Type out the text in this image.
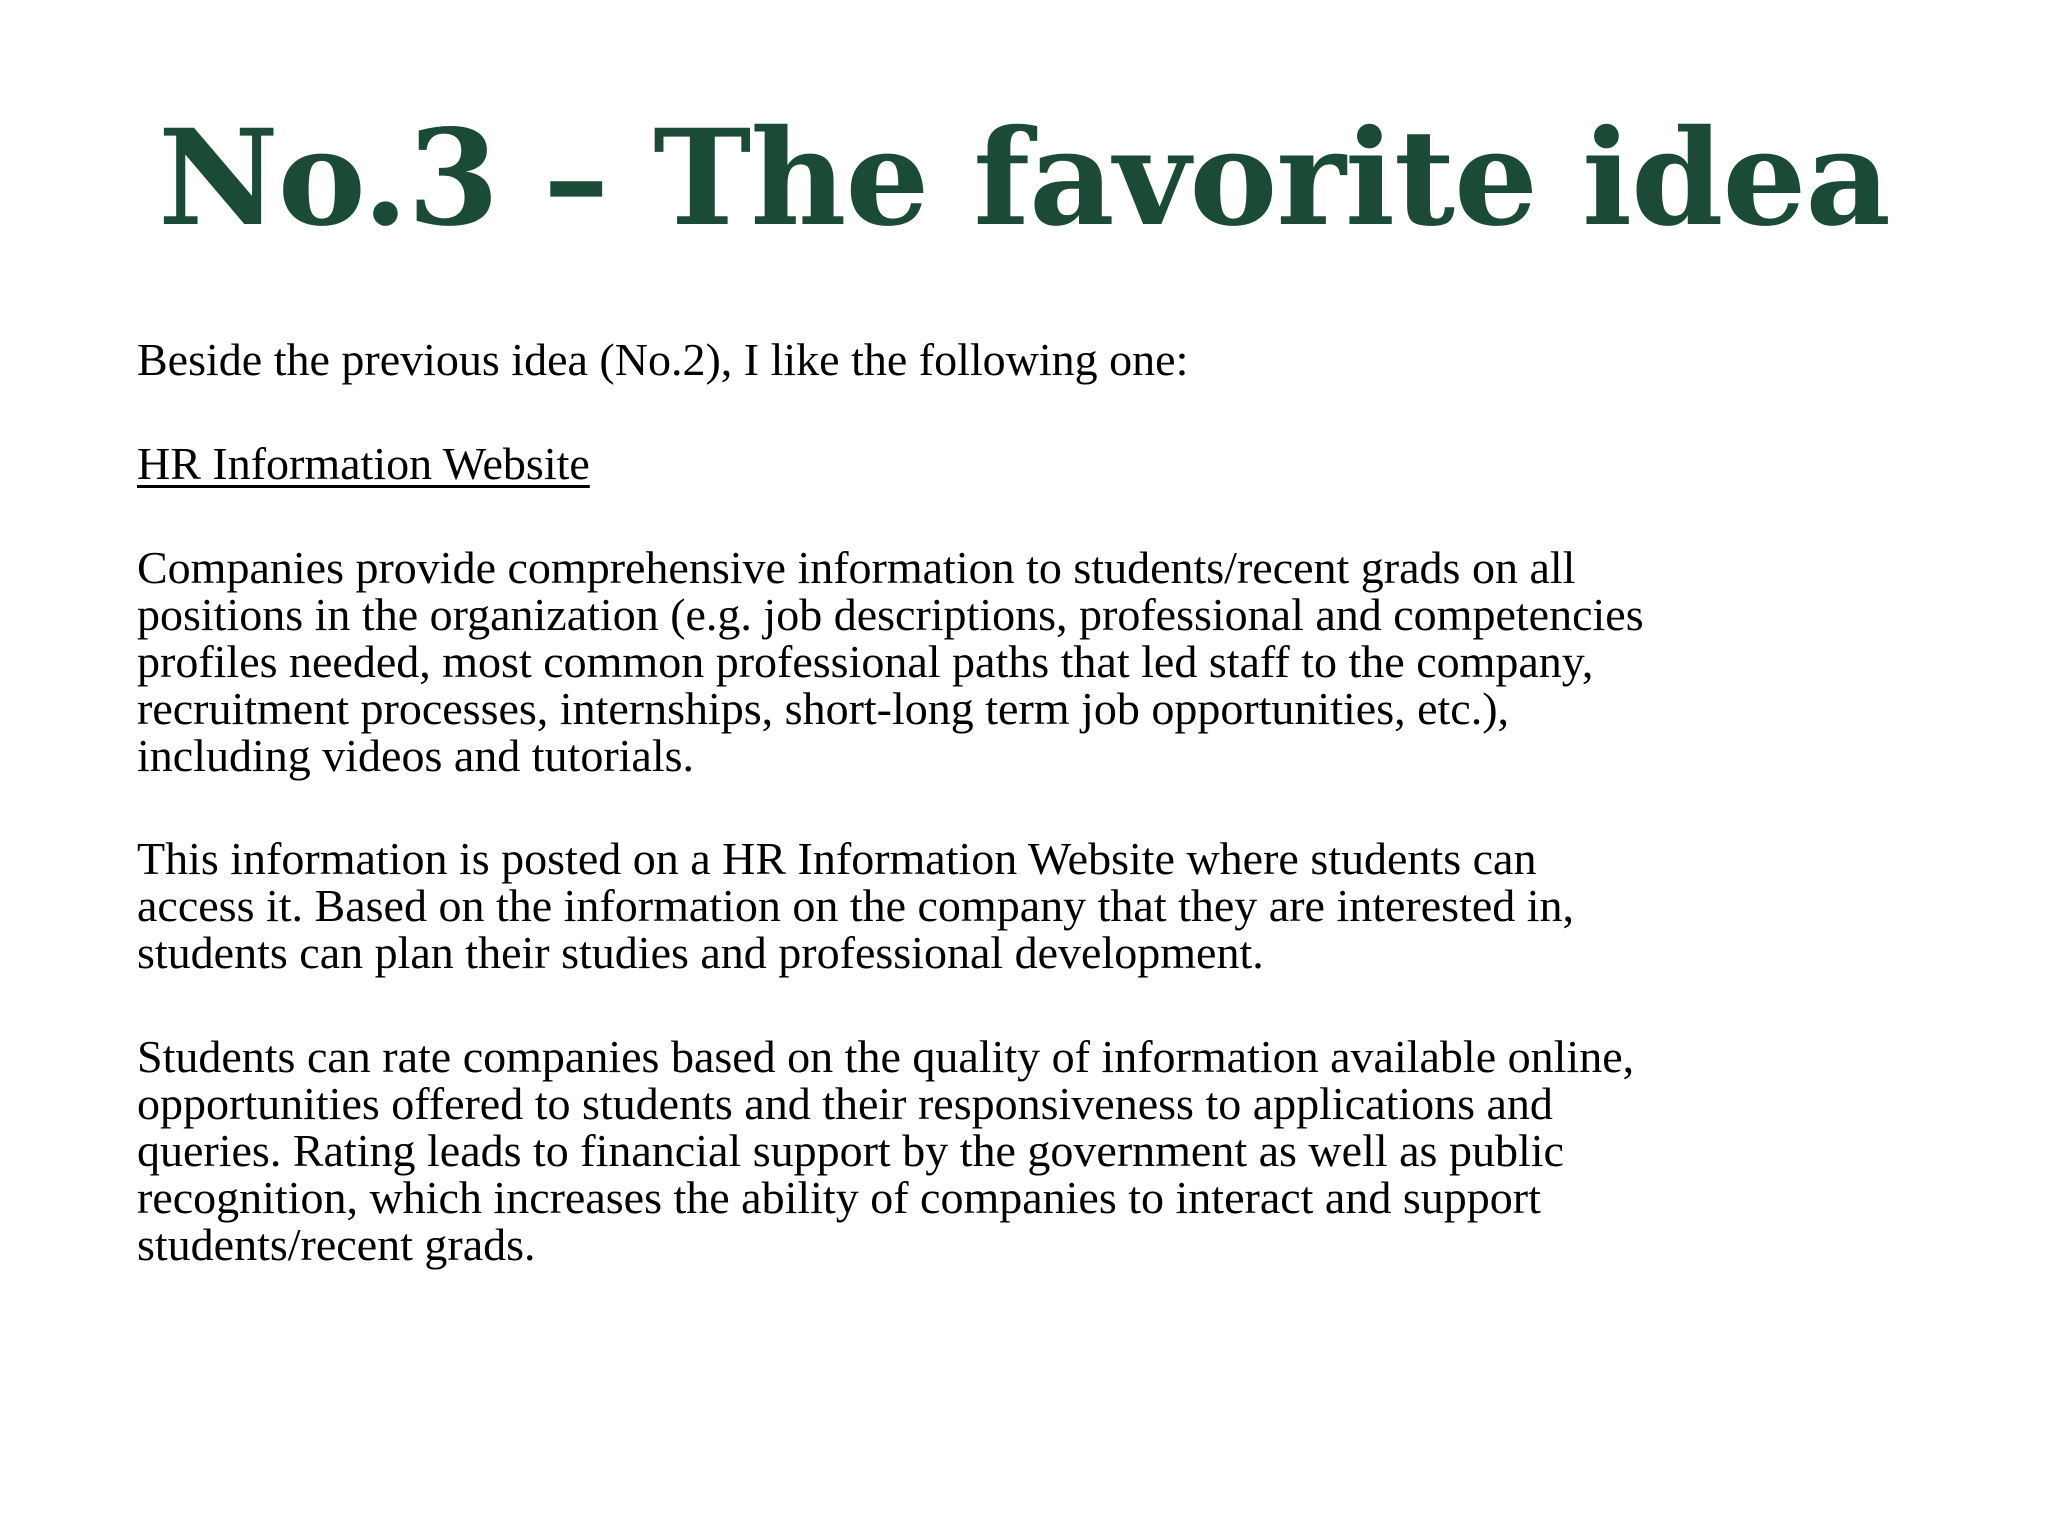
No.3 – The favorite idea

Beside the previous idea (No.2), I like the following one:

HR Information Website

Companies provide comprehensive information to students/recent grads on all
positions in the organization (e.g. job descriptions, professional and competencies
profiles needed, most common professional paths that led staff to the company,
recruitment processes, internships, short-long term job opportunities, etc.),
including videos and tutorials.

This information is posted on a HR Information Website where students can
access it. Based on the information on the company that they are interested in,
students can plan their studies and professional development.

Students can rate companies based on the quality of information available online,
opportunities offered to students and their responsiveness to applications and
queries. Rating leads to financial support by the government as well as public
recognition, which increases the ability of companies to interact and support
students/recent grads.
